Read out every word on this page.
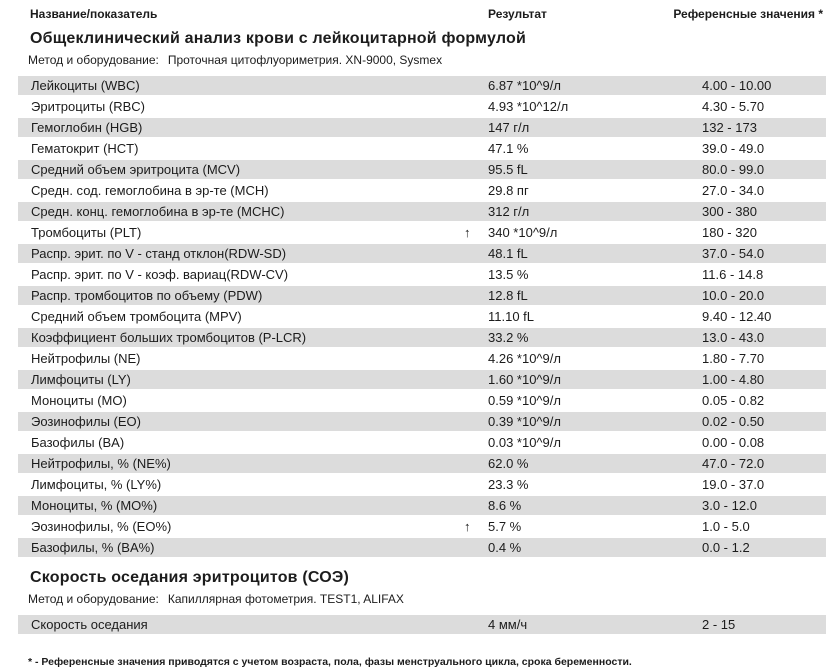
Название/показатель	Результат	Референсные значения *
Общеклинический анализ крови с лейкоцитарной формулой
Метод и оборудование: Проточная цитофлуориметрия. XN-9000, Sysmex
Лейкоциты (WBC)	6.87 *10^9/л	4.00 - 10.00
Эритроциты (RBC)	4.93 *10^12/л	4.30 - 5.70
Гемоглобин (HGB)	147 г/л	132 - 173
Гематокрит (HCT)	47.1 %	39.0 - 49.0
Средний объем эритроцита (MCV)	95.5 fL	80.0 - 99.0
Средн. сод. гемоглобина в эр-те (MCH)	29.8 пг	27.0 - 34.0
Средн. конц. гемоглобина в эр-те (MCHC)	312 г/л	300 - 380
Тромбоциты (PLT)	↑ 340 *10^9/л	180 - 320
Распр. эрит. по V - станд отклон(RDW-SD)	48.1 fL	37.0 - 54.0
Распр. эрит. по V - коэф. вариац(RDW-CV)	13.5 %	11.6 - 14.8
Распр. тромбоцитов по объему (PDW)	12.8 fL	10.0 - 20.0
Средний объем тромбоцита (MPV)	11.10 fL	9.40 - 12.40
Коэффициент больших тромбоцитов (P-LCR)	33.2 %	13.0 - 43.0
Нейтрофилы (NE)	4.26 *10^9/л	1.80 - 7.70
Лимфоциты (LY)	1.60 *10^9/л	1.00 - 4.80
Моноциты (MO)	0.59 *10^9/л	0.05 - 0.82
Эозинофилы (EO)	0.39 *10^9/л	0.02 - 0.50
Базофилы (BA)	0.03 *10^9/л	0.00 - 0.08
Нейтрофилы, % (NE%)	62.0 %	47.0 - 72.0
Лимфоциты, % (LY%)	23.3 %	19.0 - 37.0
Моноциты, % (MO%)	8.6 %	3.0 - 12.0
Эозинофилы, % (EO%)	↑ 5.7 %	1.0 - 5.0
Базофилы, % (BA%)	0.4 %	0.0 - 1.2
Скорость оседания эритроцитов (СОЭ)
Метод и оборудование: Капиллярная фотометрия. TEST1, ALIFAX
Скорость оседания	4 мм/ч	2 - 15
* - Референсные значения приводятся с учетом возраста, пола, фазы менструального цикла, срока беременности.
